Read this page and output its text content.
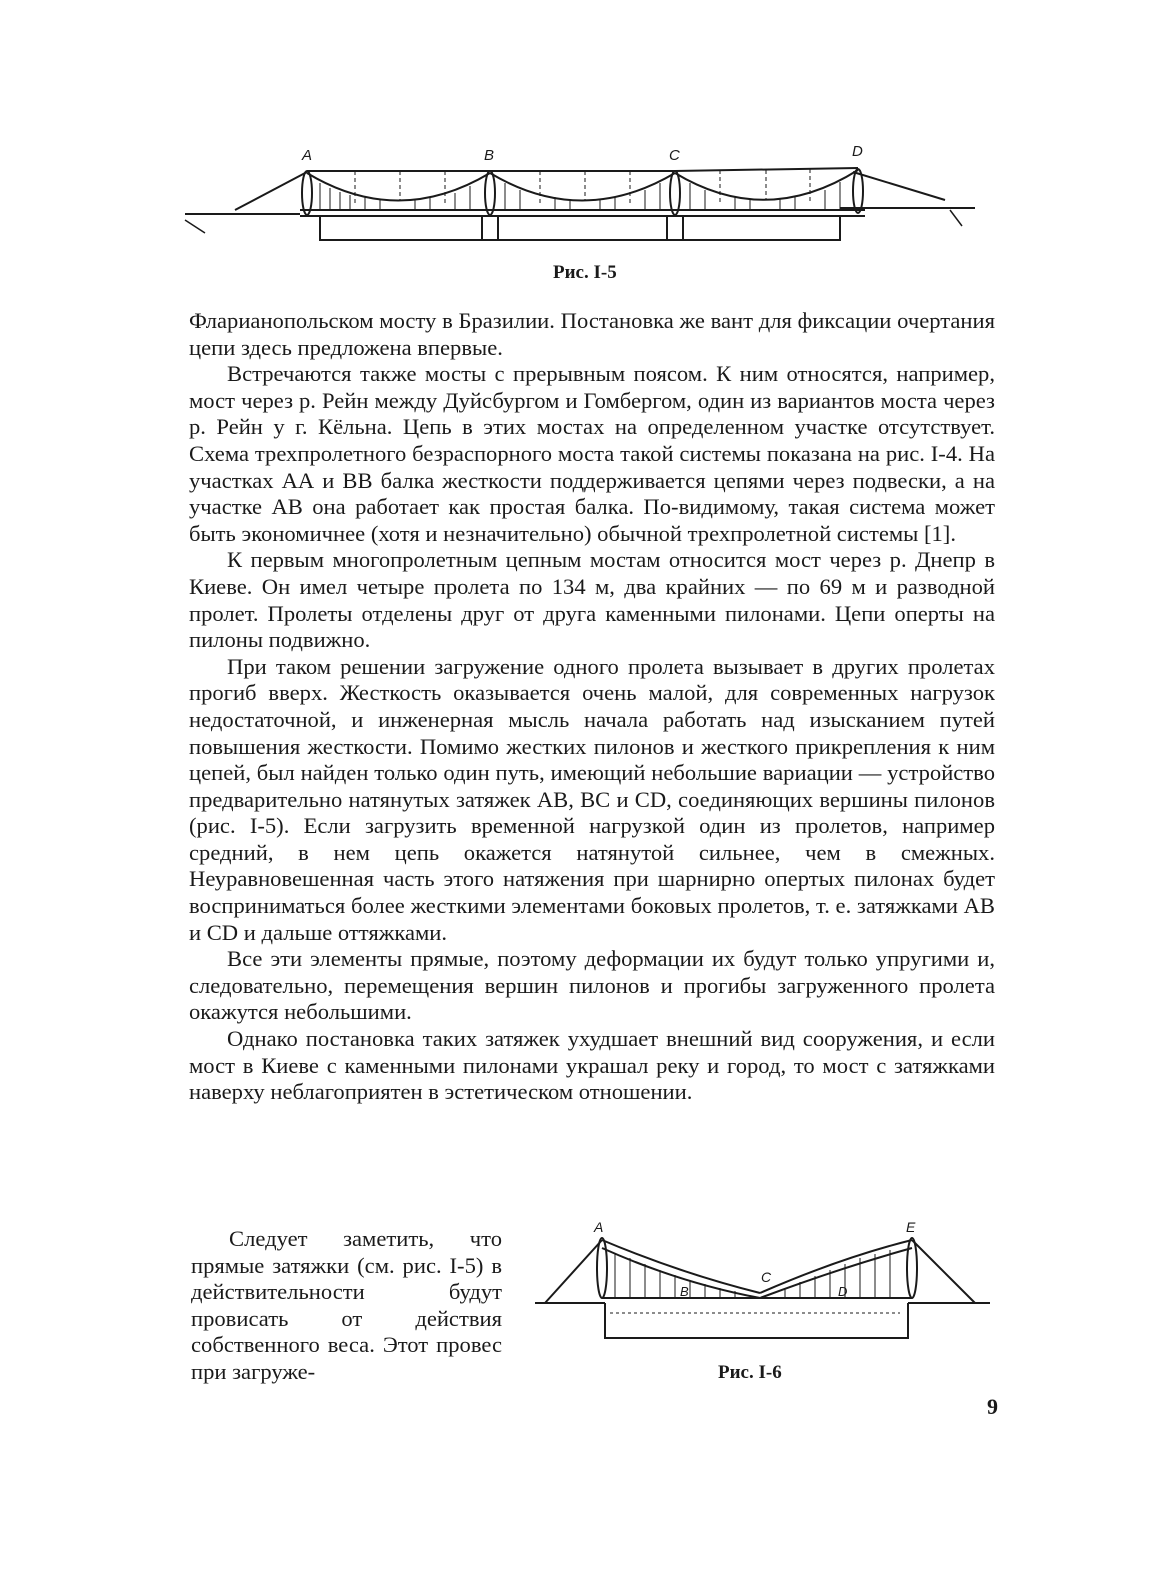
A	B	C	D
Рис. I-5

Фларианопольском мосту в Бразилии. Постановка же вант для фиксации очертания цепи здесь предложена впервые.

Встречаются также мосты с прерывным поясом. К ним относятся, например, мост через р. Рейн между Дуйсбургом и Гомбергом, один из вариантов моста через р. Рейн у г. Кёльна. Цепь в этих мостах на определенном участке отсутствует. Схема трехпролетного безраспорного моста такой системы показана на рис. I-4. На участках АА и ВВ балка жесткости поддерживается цепями через подвески, а на участке АВ она работает как простая балка. По-видимому, такая система может быть экономичнее (хотя и незначительно) обычной трехпролетной системы [1].

К первым многопролетным цепным мостам относится мост через р. Днепр в Киеве. Он имел четыре пролета по 134 м, два крайних — по 69 м и разводной пролет. Пролеты отделены друг от друга каменными пилонами. Цепи оперты на пилоны подвижно.

При таком решении загружение одного пролета вызывает в других пролетах прогиб вверх. Жесткость оказывается очень малой, для современных нагрузок недостаточной, и инженерная мысль начала работать над изысканием путей повышения жесткости. Помимо жестких пилонов и жесткого прикрепления к ним цепей, был найден только один путь, имеющий небольшие вариации — устройство предварительно натянутых затяжек АВ, ВС и CD, соединяющих вершины пилонов (рис. I-5). Если загрузить временной нагрузкой один из пролетов, например средний, в нем цепь окажется натянутой сильнее, чем в смежных. Неуравновешенная часть этого натяжения при шарнирно опертых пилонах будет восприниматься более жесткими элементами боковых пролетов, т. е. затяжками АВ и CD и дальше оттяжками.

Все эти элементы прямые, поэтому деформации их будут только упругими и, следовательно, перемещения вершин пилонов и прогибы загруженного пролета окажутся небольшими.

Однако постановка таких затяжек ухудшает внешний вид сооружения, и если мост в Киеве с каменными пилонами украшал реку и город, то мост с затяжками наверху неблагоприятен в эстетическом отношении.

Следует заметить, что прямые затяжки (см. рис. I-5) в действительности будут провисать от действия собственного веса. Этот провес при загруже-

A
B
C
D
E
Рис. I-6
9
